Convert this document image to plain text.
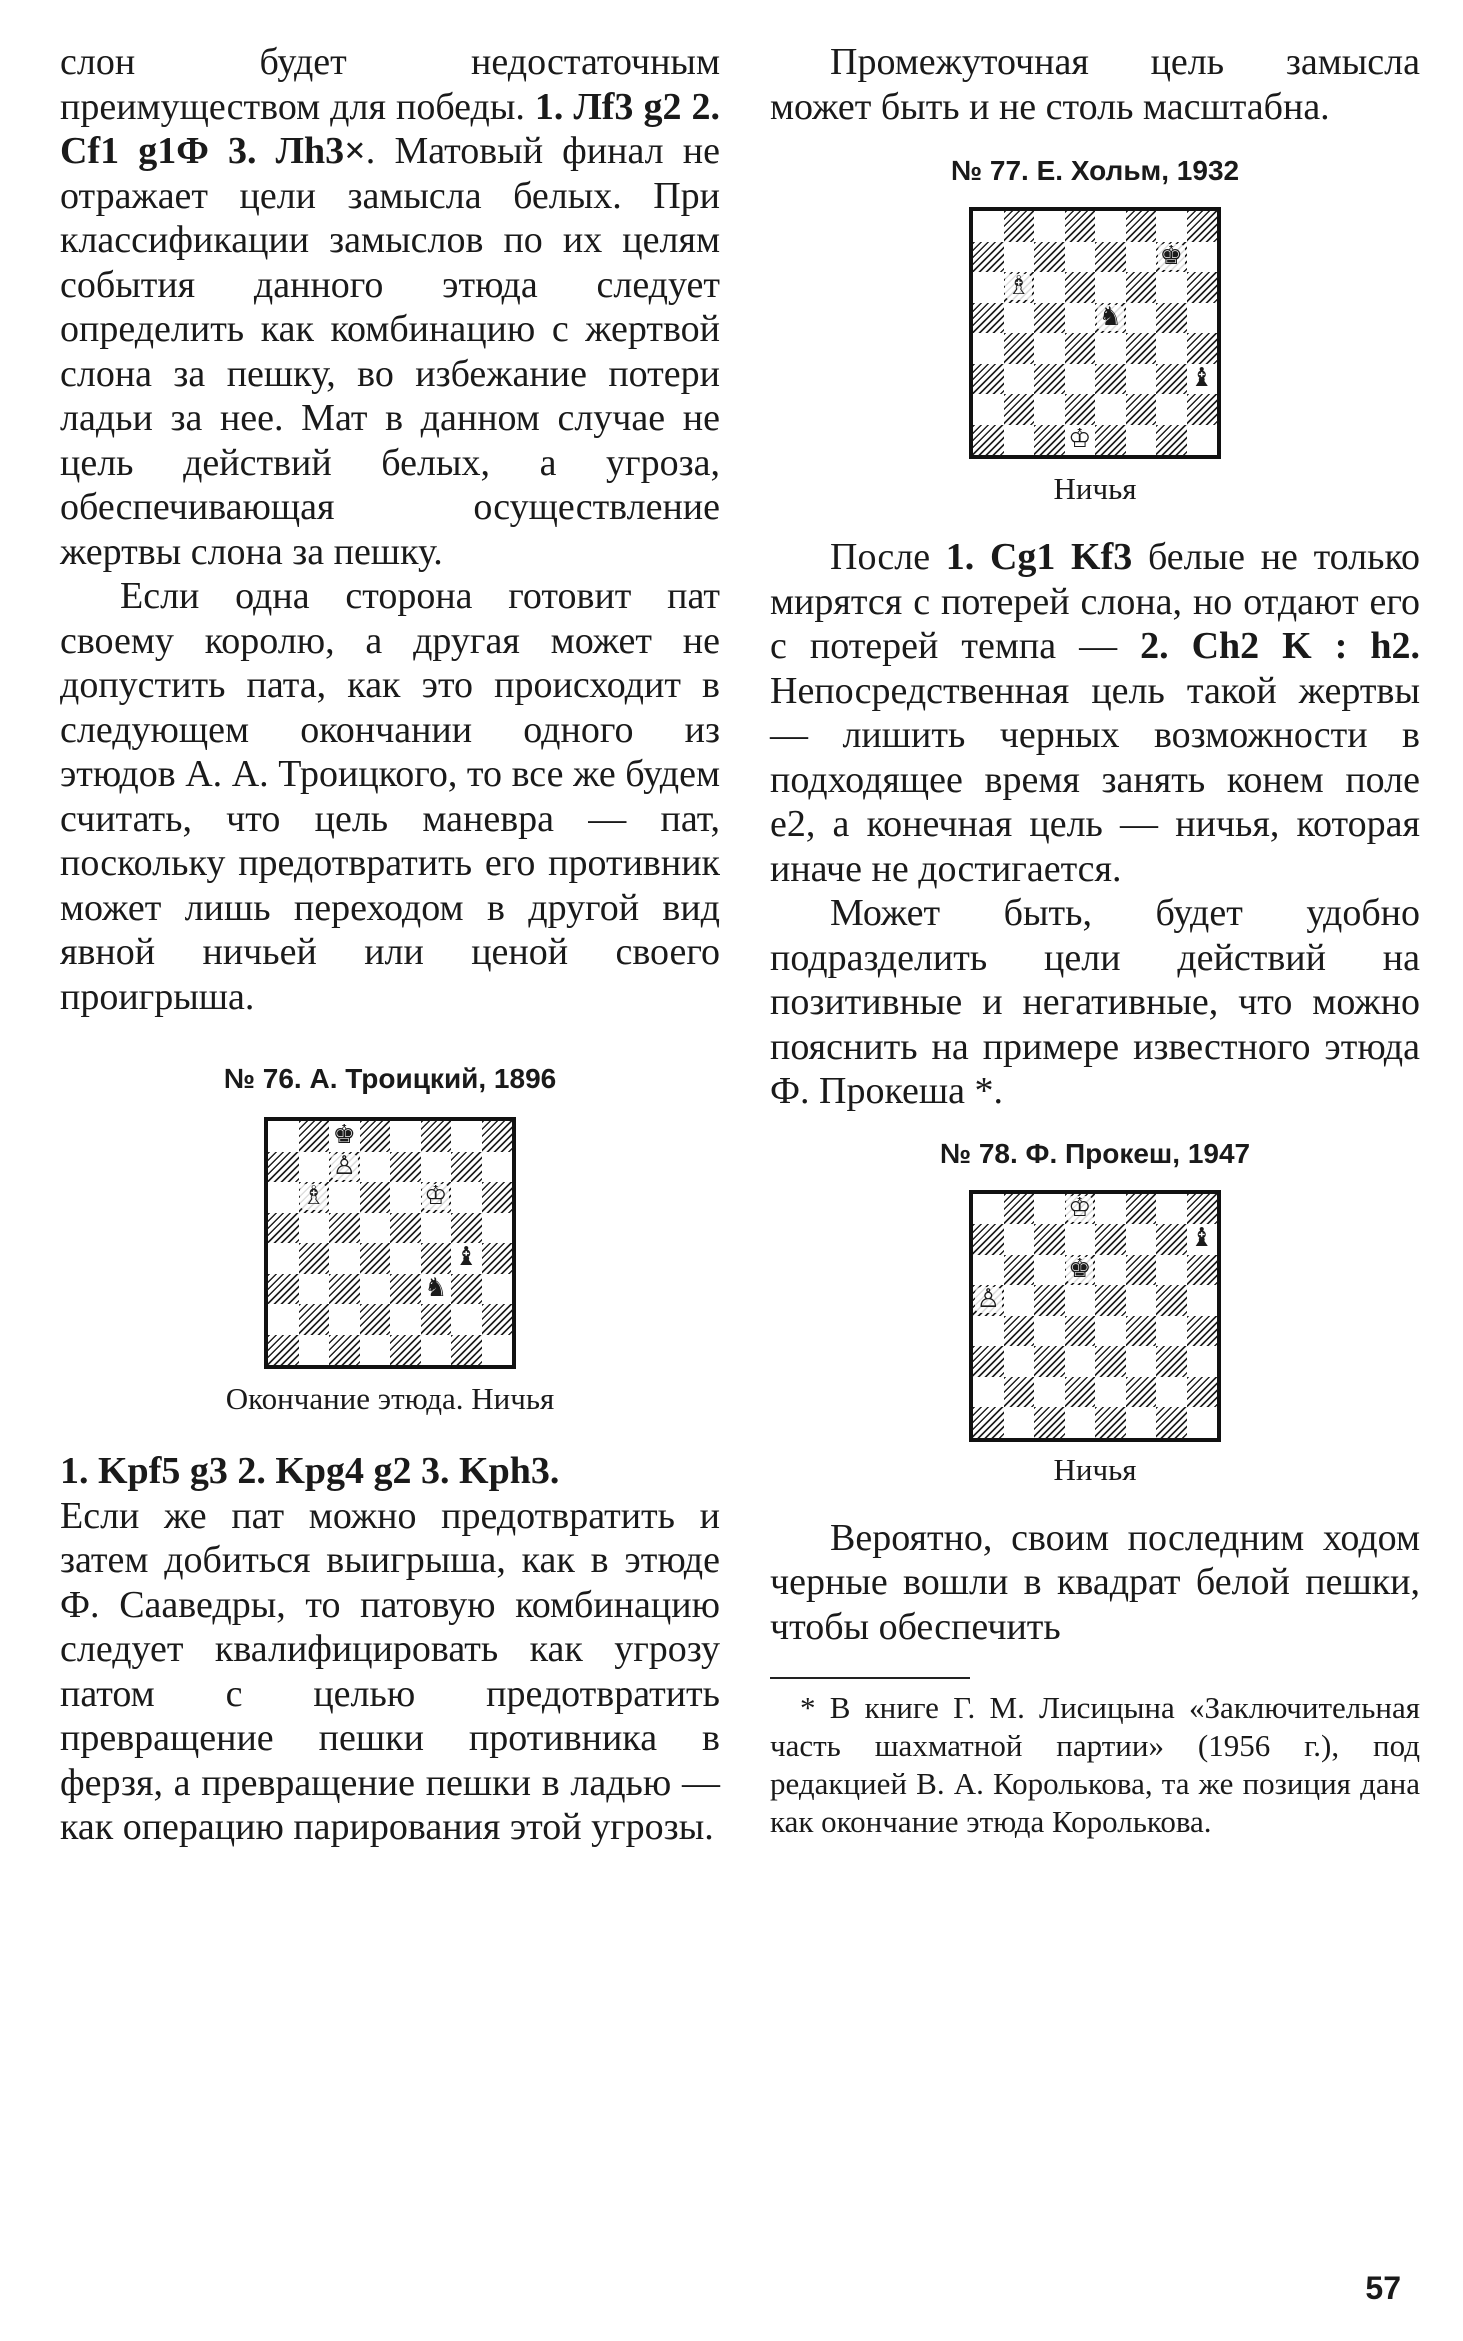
слон будет недостаточным преимуществом для победы. 1. Лf3 g2 2. Cf1 g1Ф 3. Лh3×. Матовый финал не отражает цели замысла белых. При классификации замыслов по их целям события данного этюда следует определить как комбинацию с жертвой слона за пешку, во избежание потери ладьи за нее. Мат в данном случае не цель действий белых, а угроза, обеспечивающая осуществление жертвы слона за пешку.

Если одна сторона готовит пат своему королю, а другая может не допустить пата, как это происходит в следующем окончании одного из этюдов А. А. Троицкого, то все же будем считать, что цель маневра — пат, поскольку предотвратить его противник может лишь переходом в другой вид явной ничьей или ценой своего проигрыша.

№ 76. А. Троицкий, 1896

♚
♙
♗	♔
♝
♞

Окончание этюда. Ничья

1. Kpf5 g3 2. Kpg4 g2 3. Kph3.

Если же пат можно предотвратить и затем добиться выигрыша, как в этюде Ф. Сааведры, то патовую комбинацию следует квалифицировать как угрозу патом с целью предотвратить превращение пешки противника в ферзя, а превращение пешки в ладью — как операцию парирования этой угрозы.

Промежуточная цель замысла может быть и не столь масштабна.

№ 77. Е. Хольм, 1932

♚
♗
♞
♝
♔

Ничья

После 1. Cg1 Kf3 белые не только мирятся с потерей слона, но отдают его с потерей темпа — 2. Ch2 K : h2. Непосредственная цель такой жертвы — лишить черных возможности в подходящее время занять конем поле е2, а конечная цель — ничья, которая иначе не достигается.

Может быть, будет удобно подразделить цели действий на позитивные и негативные, что можно пояснить на примере известного этюда Ф. Прокеша *.

№ 78. Ф. Прокеш, 1947

♔
♝
♚
♙

Ничья

Вероятно, своим последним ходом черные вошли в квадрат белой пешки, чтобы обеспечить

* В книге Г. М. Лисицына «Заключительная часть шахматной партии» (1956 г.), под редакцией В. А. Королькова, та же позиция дана как окончание этюда Королькова.

57
